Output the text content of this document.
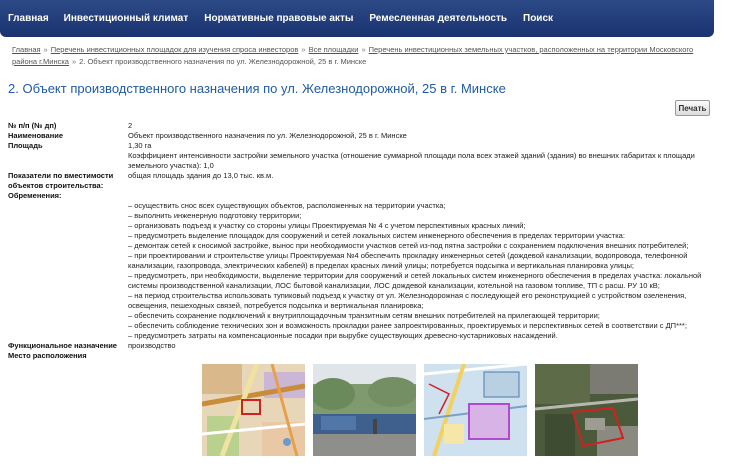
Главная Инвестиционный климат Нормативные правовые акты Ремесленная деятельность Поиск
Главная » Перечень инвестиционных площадок для изучения спроса инвесторов » Все площадки » Перечень инвестиционных земельных участков, расположенных на территории Московского района г.Минска » 2. Объект производственного назначения по ул. Железнодорожной, 25 в г. Минске
2. Объект производственного назначения по ул. Железнодорожной, 25 в г. Минске
Печать
№ п/п (№ дп)	2
Наименование	Объект производственного назначения по ул. Железнодорожной, 25 в г. Минске
Площадь	1,30 га

Коэффициент интенсивности застройки земельного участка (отношение суммарной площади пола всех этажей зданий (здания) во внешних габаритах к площади земельного участка): 1,0

Показатели по вместимости объектов строительства:
общая площадь здания до 13,0 тыс. кв.м.
Обременения:

– осуществить снос всех существующих объектов, расположенных на территории участка;

– выполнить инженерную подготовку территории;

– организовать подъезд к участку со стороны улицы Проектируемая № 4 с учетом перспективных красных линий;

– предусмотреть выделение площадок для сооружений и сетей локальных систем инженерного обеспечения в пределах территории участка:

– демонтаж сетей к сносимой застройке, вынос при необходимости участков сетей из-под пятна застройки с сохранением подключения внешних потребителей;

– при проектировании и строительстве улицы Проектируемая №4 обеспечить прокладку инженерных сетей (дождевой канализации, водопровода, телефонной канализации, газопровода, электрических кабелей) в пределах красных линий улицы; потребуется подсыпка и вертикальная планировка улицы;

– предусмотреть, при необходимости, выделение территории для сооружений и сетей локальных систем инженерного обеспечения в пределах участка: локальной системы производственной канализации, ЛОС бытовой канализации, ЛОС дождевой канализации, котельной на газовом топливе, ТП с расш. РУ 10 кВ;

– на период строительства использовать тупиковый подъезд к участку от ул. Железнодорожная с последующей его реконструкцией с устройством озеленения, освещения, пешеходных связей, потребуется подсыпка и вертикальная планировка;

– обеспечить сохранение подключений к внутриплощадочным транзитным сетям внешних потребителей на прилегающей территории;

– обеспечить соблюдение технических зон и возможность прокладки ранее запроектированных, проектируемых и перспективных сетей в соответствии с ДП***;

– предусмотреть затраты на компенсационные посадки при вырубке существующих древесно-кустарниковых насаждений.

Функциональное назначение	производство
Место расположения
